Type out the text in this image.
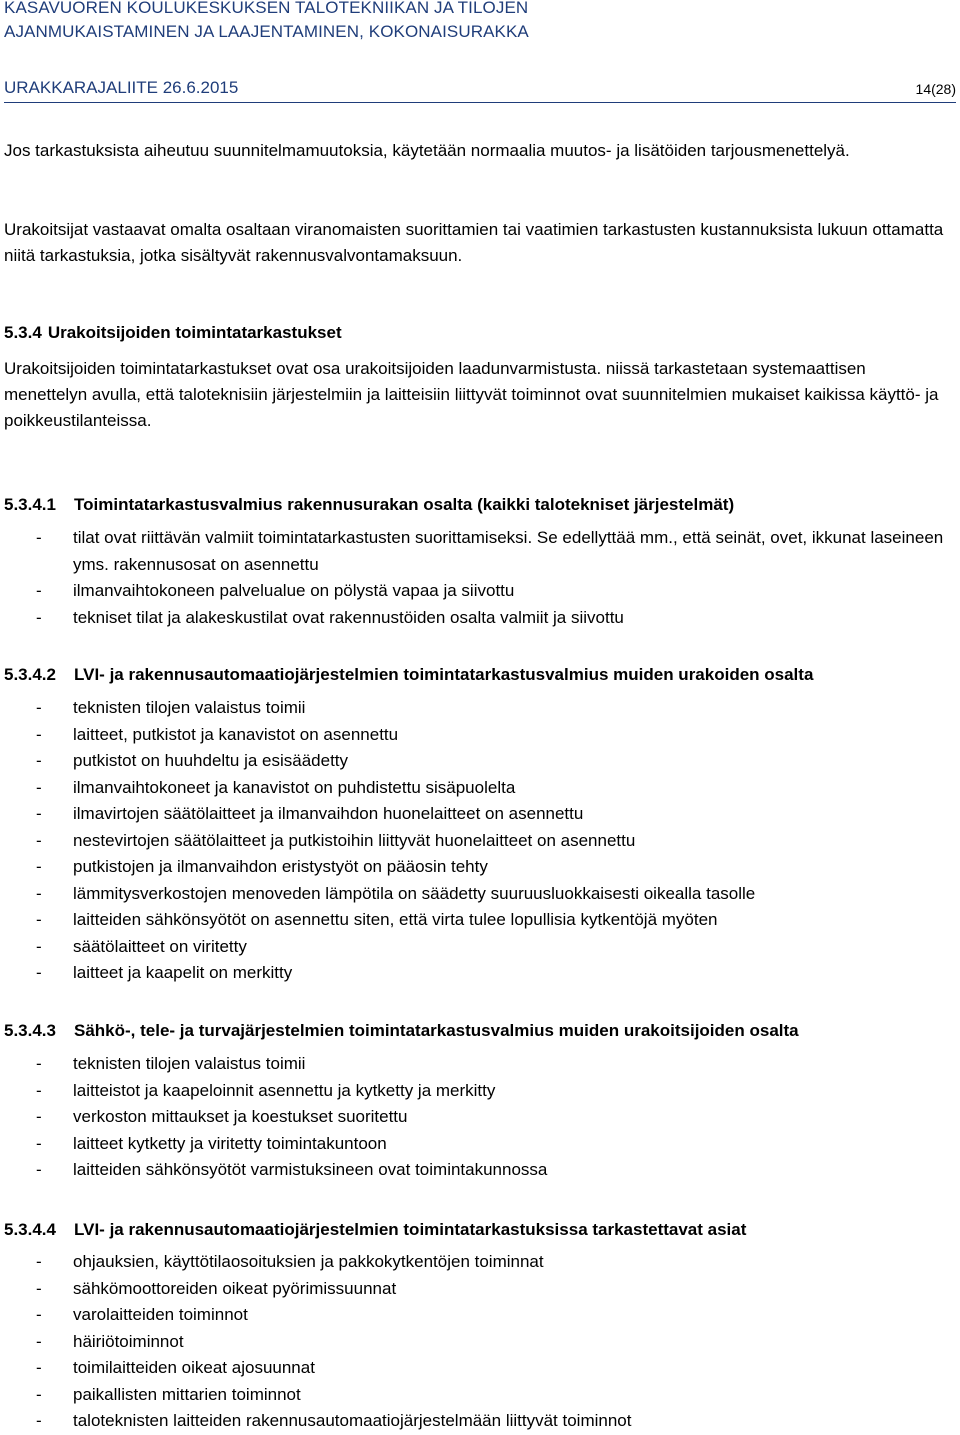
KASAVUOREN KOULUKESKUKSEN TALOTEKNIIKAN JA TILOJEN
AJANMUKAISTAMINEN JA LAAJENTAMINEN, KOKONAISURAKKA
URAKKARAJALIITE 26.6.2015	14(28)
Jos tarkastuksista aiheutuu suunnitelmamuutoksia, käytetään normaalia muutos- ja lisätöiden tarjousmenettelyä.
Urakoitsijat vastaavat omalta osaltaan viranomaisten suorittamien tai vaatimien tarkastusten kustannuksista lukuun ottamatta niitä tarkastuksia, jotka sisältyvät rakennusvalvontamaksuun.
5.3.4 Urakoitsijoiden toimintatarkastukset
Urakoitsijoiden toimintatarkastukset ovat osa urakoitsijoiden laadunvarmistusta. niissä tarkastetaan systemaattisen menettelyn avulla, että taloteknisiin järjestelmiin ja laitteisiin liittyvät toiminnot ovat suunnitelmien mukaiset kaikissa käyttö- ja poikkeustilanteissa.
5.3.4.1 Toimintatarkastusvalmius rakennusurakan osalta (kaikki talotekniset järjestelmät)
- tilat ovat riittävän valmiit toimintatarkastusten suorittamiseksi. Se edellyttää mm., että seinät, ovet, ikkunat laseineen yms. rakennusosat on asennettu
- ilmanvaihtokoneen palvelualue on pölystä vapaa ja siivottu
- tekniset tilat ja alakeskustilat ovat rakennustöiden osalta valmiit ja siivottu
5.3.4.2 LVI- ja rakennusautomaatiojärjestelmien toimintatarkastusvalmius muiden urakoiden osalta
- teknisten tilojen valaistus toimii
- laitteet, putkistot ja kanavistot on asennettu
- putkistot on huuhdeltu ja esisäädetty
- ilmanvaihtokoneet ja kanavistot on puhdistettu sisäpuolelta
- ilmavirtojen säätölaitteet ja ilmanvaihdon huonelaitteet on asennettu
- nestevirtojen säätölaitteet ja putkistoihin liittyvät huonelaitteet on asennettu
- putkistojen ja ilmanvaihdon eristystyöt on pääosin tehty
- lämmitysverkostojen menoveden lämpötila on säädetty suuruusluokkaisesti oikealla tasolle
- laitteiden sähkönsyötöt on asennettu siten, että virta tulee lopullisia kytkentöjä myöten
- säätölaitteet on viritetty
- laitteet ja kaapelit on merkitty
5.3.4.3 Sähkö-, tele- ja turvajärjestelmien toimintatarkastusvalmius muiden urakoitsijoiden osalta
- teknisten tilojen valaistus toimii
- laitteistot ja kaapeloinnit asennettu ja kytketty ja merkitty
- verkoston mittaukset ja koestukset suoritettu
- laitteet kytketty ja viritetty toimintakuntoon
- laitteiden sähkönsyötöt varmistuksineen ovat toimintakunnossa
5.3.4.4 LVI- ja rakennusautomaatiojärjestelmien toimintatarkastuksissa tarkastettavat asiat
- ohjauksien, käyttötilaosoituksien ja pakkokytkentöjen toiminnat
- sähkömoottoreiden oikeat pyörimissuunnat
- varolaitteiden toiminnot
- häiriötoiminnot
- toimilaitteiden oikeat ajosuunnat
- paikallisten mittarien toiminnot
- taloteknisten laitteiden rakennusautomaatiojärjestelmään liittyvät toiminnot
